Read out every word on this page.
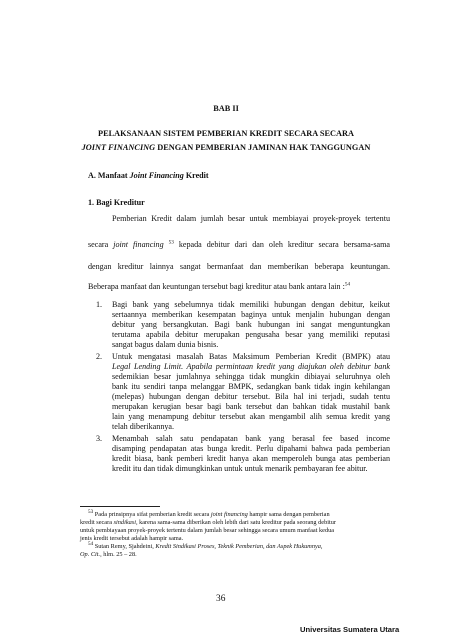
BAB II
PELAKSANAAN SISTEM PEMBERIAN KREDIT SECARA SECARA
JOINT FINANCING DENGAN PEMBERIAN JAMINAN HAK TANGGUNGAN
A. Manfaat Joint Financing Kredit
1. Bagi Kreditur
Pemberian Kredit dalam jumlah besar untuk membiayai proyek-proyek tertentu
secara joint financing $^{53}$ kepada debitur dari dan oleh kreditur secara bersama-sama
dengan kreditur lainnya sangat bermanfaat dan memberikan beberapa keuntungan.
Beberapa manfaat dan keuntungan tersebut bagi kreditur atau bank antara lain :$^{54}$
1. Bagi bank yang sebelumnya tidak memiliki hubungan dengan debitur, keikut
sertaannya memberikan kesempatan baginya untuk menjalin hubungan dengan
debitur yang bersangkutan. Bagi bank hubungan ini sangat menguntungkan
terutama apabila debitur merupakan pengusaha besar yang memiliki reputasi
sangat bagus dalam dunia bisnis.
2. Untuk mengatasi masalah Batas Maksimum Pemberian Kredit (BMPK) atau
Legal Lending Limit. Apabila permintaan kredit yang diajukan oleh debitur bank
sedemikian besar jumlahnya sehingga tidak mungkin dibiayai seluruhnya oleh
bank itu sendiri tanpa melanggar BMPK, sedangkan bank tidak ingin kehilangan
(melepas) hubungan dengan debitur tersebut. Bila hal ini terjadi, sudah tentu
merupakan kerugian besar bagi bank tersebut dan bahkan tidak mustahil bank
lain yang menampung debitur tersebut akan mengambil alih semua kredit yang
telah diberikannya.
3. Menambah salah satu pendapatan bank yang berasal fee based income
disamping pendapatan atas bunga kredit. Perlu dipahami bahwa pada pemberian
kredit biasa, bank pemberi kredit hanya akan memperoleh bunga atas pemberian
kredit itu dan tidak dimungkinkan untuk untuk menarik pembayaran fee abitur.
$^{53}$ Pada prinsipnya sifat pemberian kredit secara joint financing hampir sama dengan pemberian
kredit secara sindikasi, karena sama-sama diberikan oleh lebih dari satu kreditur pada seorang debitur
untuk pembiayaan proyek-proyek tertentu dalam jumlah besar sehingga secara umum manfaat kedua
jenis kredit tersebut adalah hampir sama.
$^{54}$ Sutan Remy, Sjahdeini, Kredit Sindikasi Proses, Teknik Pemberian, dan Aspek Hukumnya,
Op. Cit., hlm. 25 – 28.
36
Universitas Sumatera Utara
